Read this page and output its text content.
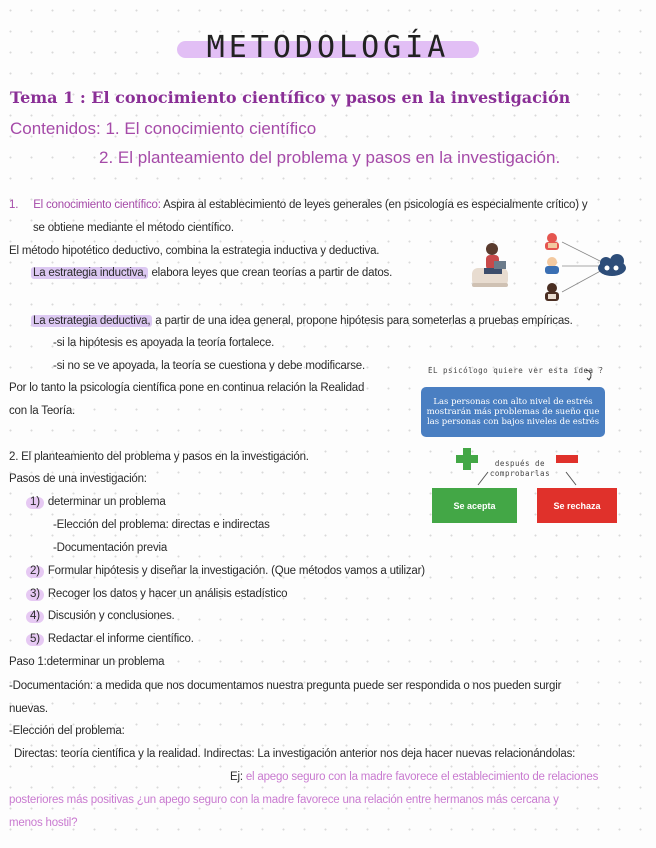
METODOLOGÍA
Tema 1 : El conocimiento científico y pasos en la investigación
Contenidos: 1. El conocimiento científico
2. El planteamiento del problema y pasos en la investigación.
1. El conocimiento científico: Aspira al establecimiento de leyes generales (en psicología es especialmente crítico) y
se obtiene mediante el método científico.
El método hipotético deductivo, combina la estrategia inductiva y deductiva.
La estrategia inductiva, elabora leyes que crean teorías a partir de datos.
La estrategia deductiva, a partir de una idea general, propone hipótesis para someterlas a pruebas empíricas.
-si la hipótesis es apoyada la teoría fortalece.
-si no se ve apoyada, la teoría se cuestiona y debe modificarse.
Por lo tanto la psicología científica pone en continua relación la Realidad
con la Teoría.
EL psicólogo quiere ver esta idea ?
Las personas con alto nivel de estrés mostrarán más problemas de sueño que las personas con bajos niveles de estrés
después de comprobarlas
Se acepta	Se rechaza
2. El planteamiento del problema y pasos en la investigación.
Pasos de una investigación:
1) determinar un problema
-Elección del problema: directas e indirectas
-Documentación previa
2) Formular hipótesis y diseñar la investigación. (Que métodos vamos a utilizar)
3) Recoger los datos y hacer un análisis estadístico
4) Discusión y conclusiones.
5) Redactar el informe científico.
Paso 1:determinar un problema
-Documentación: a medida que nos documentamos nuestra pregunta puede ser respondida o nos pueden surgir
nuevas.
-Elección del problema:
Directas: teoría científica y la realidad. Indirectas: La investigación anterior nos deja hacer nuevas relacionándolas:
Ej: el apego seguro con la madre favorece el establecimiento de relaciones
posteriores más positivas ¿un apego seguro con la madre favorece una relación entre hermanos más cercana y
menos hostil?
